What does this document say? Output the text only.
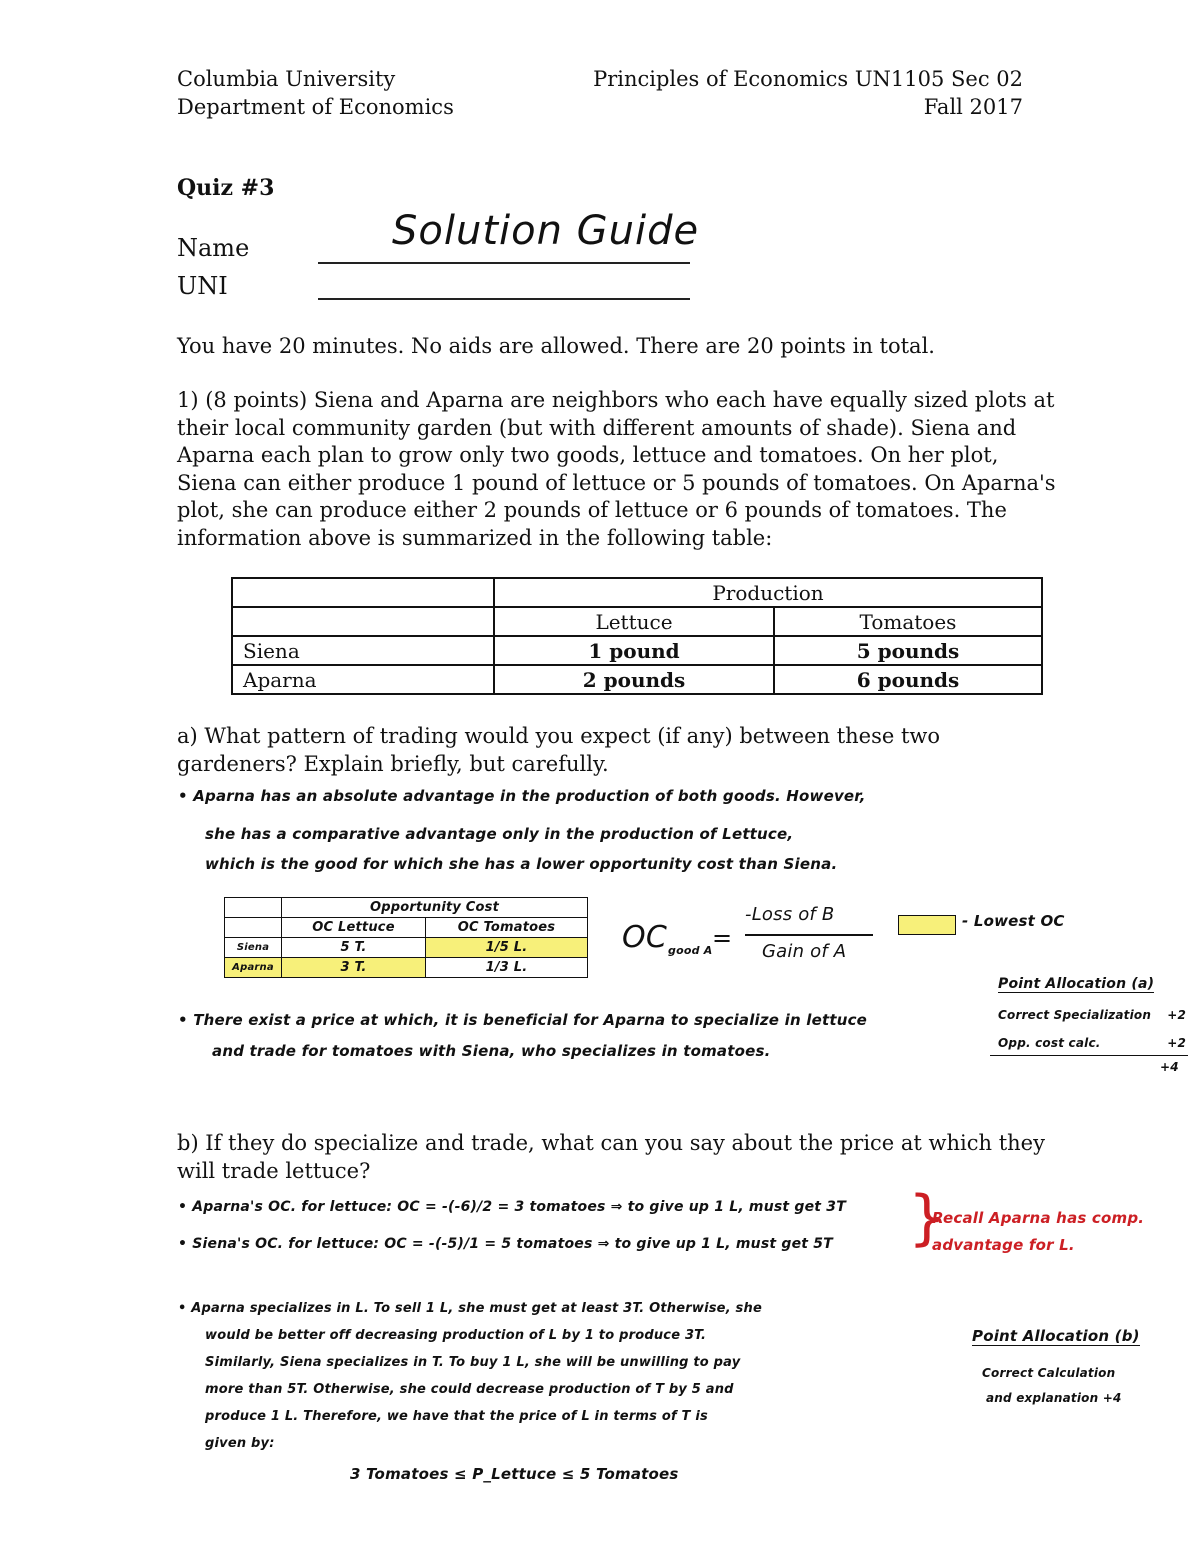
Columbia University
Department of Economics
Principles of Economics UN1105 Sec 02
Fall 2017
Quiz #3
Name	Solution Guide
UNI
You have 20 minutes. No aids are allowed. There are 20 points in total.
1) (8 points) Siena and Aparna are neighbors who each have equally sized plots at their local community garden (but with different amounts of shade). Siena and Aparna each plan to grow only two goods, lettuce and tomatoes. On her plot, Siena can either produce 1 pound of lettuce or 5 pounds of tomatoes. On Aparna's plot, she can produce either 2 pounds of lettuce or 6 pounds of tomatoes. The information above is summarized in the following table:
	Production	
	Lettuce	Tomatoes
Siena	1 pound	5 pounds
Aparna	2 pounds	6 pounds
a) What pattern of trading would you expect (if any) between these two gardeners? Explain briefly, but carefully.
• Aparna has an absolute advantage in the production of both goods. However,
she has a comparative advantage only in the production of Lettuce,
which is the good for which she has a lower opportunity cost than Siena.
	Opportunity Cost	
	OC Lettuce	OC Tomatoes
Siena	5 T.	1/5 L.
Aparna	3 T.	1/3 L.
OC good A =
-Loss of B
Gain of A
- Lowest OC
• There exist a price at which, it is beneficial for Aparna to specialize in lettuce
and trade for tomatoes with Siena, who specializes in tomatoes.
Point Allocation (a)
Correct Specialization +2
Opp. cost calc.	+2
+4
b) If they do specialize and trade, what can you say about the price at which they will trade lettuce?
• Aparna's OC. for lettuce: OC = -(-6)/2 = 3 tomatoes ⇒ to give up 1 L, must get 3T
• Siena's OC. for lettuce: OC = -(-5)/1 = 5 tomatoes ⇒ to give up 1 L, must get 5T }
Recall Aparna has comp. advantage for L.
• Aparna specializes in L. To sell 1 L, she must get at least 3T. Otherwise, she
would be better off decreasing production of L by 1 to produce 3T.
Similarly, Siena specializes in T. To buy 1 L, she will be unwilling to pay
more than 5T. Otherwise, she could decrease production of T by 5 and
produce 1 L. Therefore, we have that the price of L in terms of T is
given by:
3 Tomatoes ≤ P_Lettuce ≤ 5 Tomatoes
Point Allocation (b)
Correct Calculation
and explanation +4
